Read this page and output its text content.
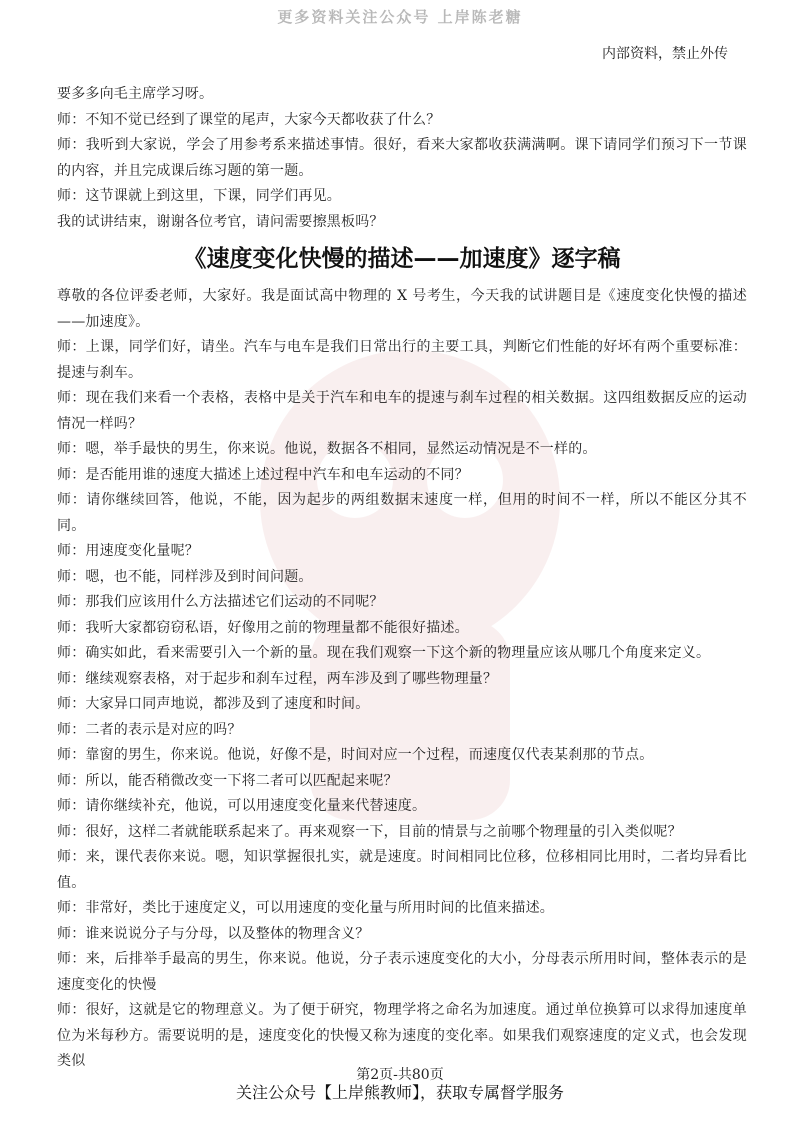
更多资料关注公众号 上岸陈老糖
内部资料，禁止外传

要多多向毛主席学习呀。

师：不知不觉已经到了课堂的尾声，大家今天都收获了什么？

师：我听到大家说，学会了用参考系来描述事情。很好，看来大家都收获满满啊。课下请同学们预习下一节课的内容，并且完成课后练习题的第一题。

师：这节课就上到这里，下课，同学们再见。

我的试讲结束，谢谢各位考官，请问需要擦黑板吗？

《速度变化快慢的描述——加速度》逐字稿

尊敬的各位评委老师，大家好。我是面试高中物理的 X 号考生，今天我的试讲题目是《速度变化快慢的描述——加速度》。

师：上课，同学们好，请坐。汽车与电车是我们日常出行的主要工具，判断它们性能的好坏有两个重要标准：提速与刹车。

师：现在我们来看一个表格，表格中是关于汽车和电车的提速与刹车过程的相关数据。这四组数据反应的运动情况一样吗？

师：嗯，举手最快的男生，你来说。他说，数据各不相同，显然运动情况是不一样的。

师：是否能用谁的速度大描述上述过程中汽车和电车运动的不同？

师：请你继续回答，他说，不能，因为起步的两组数据末速度一样，但用的时间不一样，所以不能区分其不同。

师：用速度变化量呢？

师：嗯，也不能，同样涉及到时间问题。

师：那我们应该用什么方法描述它们运动的不同呢？

师：我听大家都窃窃私语，好像用之前的物理量都不能很好描述。

师：确实如此，看来需要引入一个新的量。现在我们观察一下这个新的物理量应该从哪几个角度来定义。

师：继续观察表格，对于起步和刹车过程，两车涉及到了哪些物理量？

师：大家异口同声地说，都涉及到了速度和时间。

师：二者的表示是对应的吗？

师：靠窗的男生，你来说。他说，好像不是，时间对应一个过程，而速度仅代表某刹那的节点。

师：所以，能否稍微改变一下将二者可以匹配起来呢？

师：请你继续补充，他说，可以用速度变化量来代替速度。

师：很好，这样二者就能联系起来了。再来观察一下，目前的情景与之前哪个物理量的引入类似呢？

师：来，课代表你来说。嗯，知识掌握很扎实，就是速度。时间相同比位移，位移相同比用时，二者均异看比值。

师：非常好，类比于速度定义，可以用速度的变化量与所用时间的比值来描述。

师：谁来说说分子与分母，以及整体的物理含义？

师：来，后排举手最高的男生，你来说。他说，分子表示速度变化的大小，分母表示所用时间，整体表示的是速度变化的快慢

师：很好，这就是它的物理意义。为了便于研究，物理学将之命名为加速度。通过单位换算可以求得加速度单位为米每秒方。需要说明的是，速度变化的快慢又称为速度的变化率。如果我们观察速度的定义式，也会发现类似

第2页-共80页
关注公众号【上岸熊教师】，获取专属督学服务
